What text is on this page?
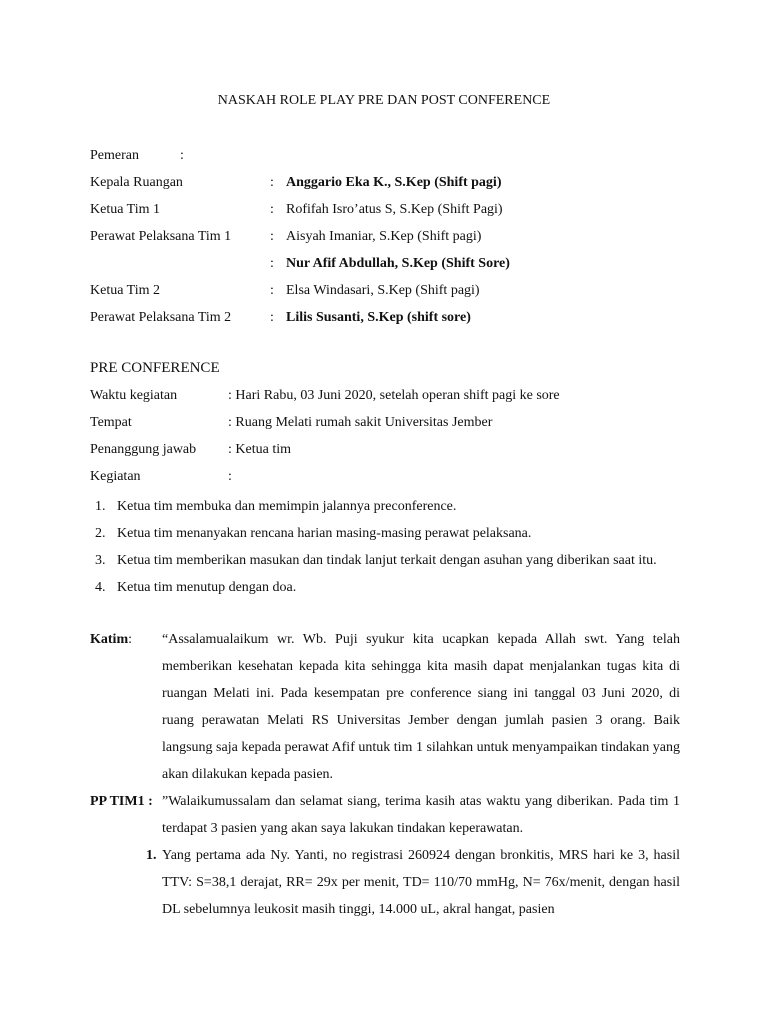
NASKAH ROLE PLAY PRE DAN POST CONFERENCE
Pemeran	:
Kepala Ruangan	: Anggario Eka K., S.Kep (Shift pagi)
Ketua Tim 1	: Rofifah Isro’atus S, S.Kep (Shift Pagi)
Perawat Pelaksana Tim 1	: Aisyah Imaniar, S.Kep (Shift pagi)
: Nur Afif Abdullah, S.Kep (Shift Sore)
Ketua Tim 2	: Elsa Windasari, S.Kep (Shift pagi)
Perawat Pelaksana Tim 2	: Lilis Susanti, S.Kep (shift sore)
PRE CONFERENCE
Waktu kegiatan	: Hari Rabu, 03 Juni 2020, setelah operan shift pagi ke sore
Tempat	: Ruang Melati rumah sakit Universitas Jember
Penanggung jawab : Ketua tim
Kegiatan	:
1. Ketua tim membuka dan memimpin jalannya preconference.
2. Ketua tim menanyakan rencana harian masing-masing perawat pelaksana.
3. Ketua tim memberikan masukan dan tindak lanjut terkait dengan asuhan yang diberikan saat itu.
4. Ketua tim menutup dengan doa.
Katim: “Assalamualaikum wr. Wb. Puji syukur kita ucapkan kepada Allah swt. Yang telah memberikan kesehatan kepada kita sehingga kita masih dapat menjalankan tugas kita di ruangan Melati ini. Pada kesempatan pre conference siang ini tanggal 03 Juni 2020, di ruang perawatan Melati RS Universitas Jember dengan jumlah pasien 3 orang. Baik langsung saja kepada perawat Afif untuk tim 1 silahkan untuk menyampaikan tindakan yang akan dilakukan kepada pasien.
PP TIM1 : ”Walaikumussalam dan selamat siang, terima kasih atas waktu yang diberikan. Pada tim 1 terdapat 3 pasien yang akan saya lakukan tindakan keperawatan.
1. Yang pertama ada Ny. Yanti, no registrasi 260924 dengan bronkitis, MRS hari ke 3, hasil TTV: S=38,1 derajat, RR= 29x per menit, TD= 110/70 mmHg, N= 76x/menit, dengan hasil DL sebelumnya leukosit masih tinggi, 14.000 uL, akral hangat, pasien
